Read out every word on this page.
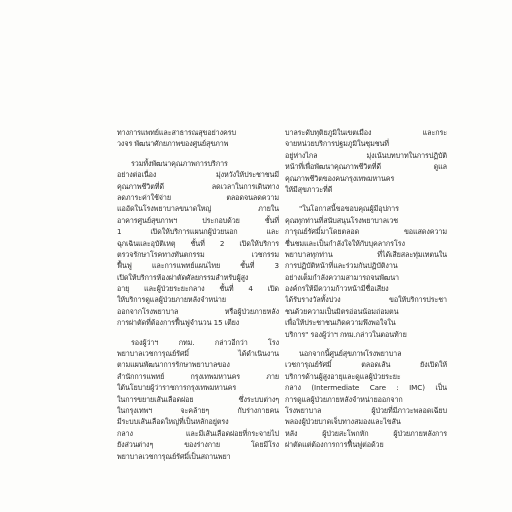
ทางการแพทย์และสาธารณสุขอย่างครบ
วงจร พัฒนาศักยภาพของศูนย์สุขภาพ
รวมทั้งพัฒนาคุณภาพการบริการ
อย่างต่อเนื่อง มุ่งหวังให้ประชาชนมี
คุณภาพชีวิตที่ดี ลดเวลาในการเดินทาง
ลดภาระค่าใช้จ่าย ตลอดจนลดความ
แออัดในโรงพยาบาลขนาดใหญ่ ภายใน
อาคารศูนย์สุขภาพฯ ประกอบด้วย ชั้นที่
1 เปิดให้บริการแผนกผู้ป่วยนอก และ
ฉุกเฉินและอุบัติเหตุ ชั้นที่ 2 เปิดให้บริการ
ตรวจรักษาโรคทางทันตกรรม เวชกรรม
ฟื้นฟู และการแพทย์แผนไทย ชั้นที่ 3
เปิดให้บริการห้องผ่าตัดศัลยกรรมสำหรับผู้สูง
อายุ และผู้ป่วยระยะกลาง ชั้นที่ 4 เปิด
ให้บริการดูแลผู้ป่วยภายหลังจำหน่าย
ออกจากโรงพยาบาล หรือผู้ป่วยภายหลัง
การผ่าตัดที่ต้องการฟื้นฟูจำนวน 15 เตียง
รองผู้ว่าฯ กทม. กล่าวอีกว่า โรง
พยาบาลเวชการุณย์รัศมิ์ ได้ดำเนินงาน
ตามแผนพัฒนาการรักษาพยาบาลของ
สำนักการแพทย์ กรุงเทพมหานคร ภาย
ใต้นโยบายผู้ว่าราชการกรุงเทพมหานคร
ในการขยายเส้นเลือดฝอย ซึ่งระบบต่างๆ
ในกรุงเทพฯ จะคล้ายๆ กับร่างกายคน
มีระบบเส้นเลือดใหญ่ที่เป็นหลักอยู่ตรง
กลาง และมีเส้นเลือดฝอยที่กระจายไป
ยังส่วนต่างๆ ของร่างกาย โดยมีโรง
พยาบาลเวชการุณย์รัศมิ์เป็นสถานพยา
บาลระดับทุติยภูมิในเขตเมือง และกระ
จายหน่วยบริการปฐมภูมิในชุมชนที่
อยู่ห่างไกล มุ่งเน้นบทบาทในการปฏิบัติ
หน้าที่เพื่อพัฒนาคุณภาพชีวิตที่ดี ดูแล
คุณภาพชีวิตของคนกรุงเทพมหานคร
ให้มีสุขภาวะที่ดี
"ในโอกาสนี้ขอขอบคุณผู้มีอุปการ
คุณทุกท่านที่สนับสนุนโรงพยาบาลเวช
การุณย์รัศมิ์มาโดยตลอด ขอแสดงความ
ชื่นชมและเป็นกำลังใจให้กับบุคลากรโรง
พยาบาลทุกท่าน ที่ได้เสียสละทุ่มเทตนใน
การปฏิบัติหน้าที่และร่วมกันปฏิบัติงาน
อย่างเต็มกำลังความสามารถจนพัฒนา
องค์กรให้มีความก้าวหน้ามีชื่อเสียง
ได้รับรางวัลทั้งปวง ขอให้บริการประชา
ชนด้วยความเป็นมิตรอ่อนน้อมถ่อมตน
เพื่อให้ประชาชนเกิดความพึงพอใจใน
บริการ" รองผู้ว่าฯ กทม.กล่าวในตอนท้าย
นอกจากนี้ศูนย์สุขภาพโรงพยาบาล
เวชการุณย์รัศมิ์ ตลอดเส้น ยังเปิดให้
บริการด้านผู้สูงอายุและดูแลผู้ป่วยระยะ
กลาง (Intermediate Care : IMC) เป็น
การดูแลผู้ป่วยภายหลังจำหน่ายออกจาก
โรงพยาบาล ผู้ป่วยที่มีภาวะพลอดเฉียบ
พลองผู้ป่วยบาดเจ็บทางสมองและไขสัน
หลัง ผู้ป่วยสะโพกหัก ผู้ป่วยภายหลังการ
ผ่าตัดแต่ต้องการการฟื้นฟูต่อด้วย
